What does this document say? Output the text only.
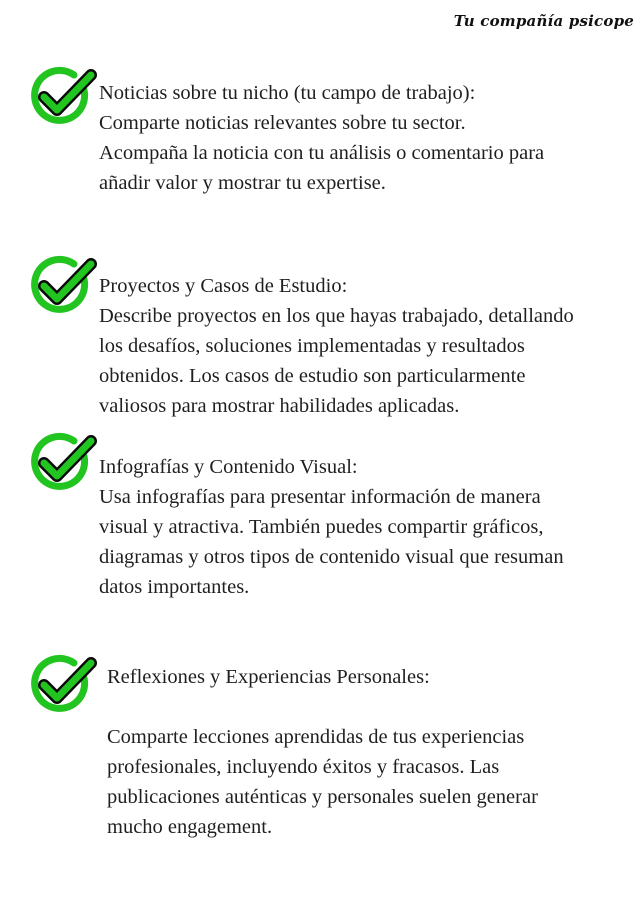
Tu compañía psicope
Noticias sobre tu nicho (tu campo de trabajo):
Comparte noticias relevantes sobre tu sector.
Acompaña la noticia con tu análisis o comentario para
añadir valor y mostrar tu expertise.
Proyectos y Casos de Estudio:
Describe proyectos en los que hayas trabajado, detallando
los desafíos, soluciones implementadas y resultados
obtenidos. Los casos de estudio son particularmente
valiosos para mostrar habilidades aplicadas.
Infografías y Contenido Visual:
Usa infografías para presentar información de manera
visual y atractiva. También puedes compartir gráficos,
diagramas y otros tipos de contenido visual que resuman
datos importantes.
Reflexiones y Experiencias Personales:
Comparte lecciones aprendidas de tus experiencias
profesionales, incluyendo éxitos y fracasos. Las
publicaciones auténticas y personales suelen generar
mucho engagement.
